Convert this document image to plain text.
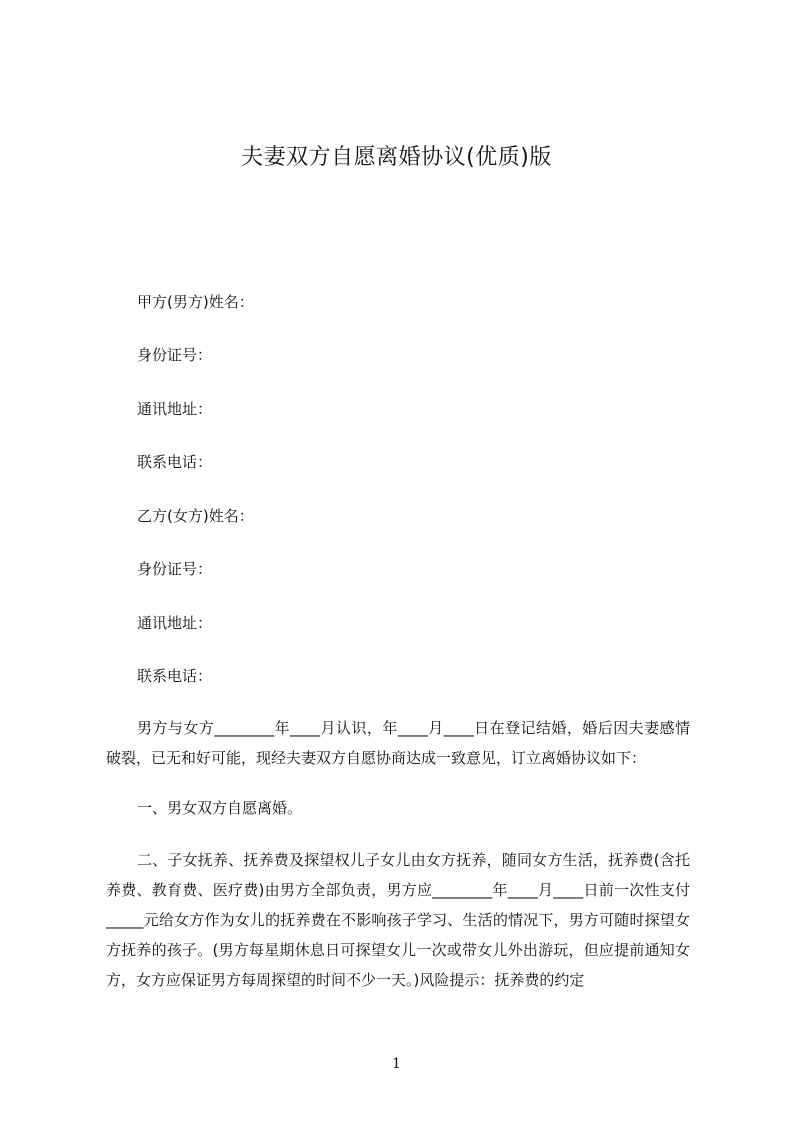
夫妻双方自愿离婚协议(优质)版
甲方(男方)姓名：
身份证号：
通讯地址：
联系电话：
乙方(女方)姓名：
身份证号：
通讯地址：
联系电话：

男方与女方________年____月认识，年____月____日在登记结婚，婚后因夫妻感情破裂，已无和好可能，现经夫妻双方自愿协商达成一致意见，订立离婚协议如下：

一、男女双方自愿离婚。

二、子女抚养、抚养费及探望权儿子女儿由女方抚养，随同女方生活，抚养费(含托养费、教育费、医疗费)由男方全部负责，男方应________年____月____日前一次性支付_____元给女方作为女儿的抚养费在不影响孩子学习、生活的情况下，男方可随时探望女方抚养的孩子。(男方每星期休息日可探望女儿一次或带女儿外出游玩，但应提前通知女方，女方应保证男方每周探望的时间不少一天。)风险提示：抚养费的约定

1
